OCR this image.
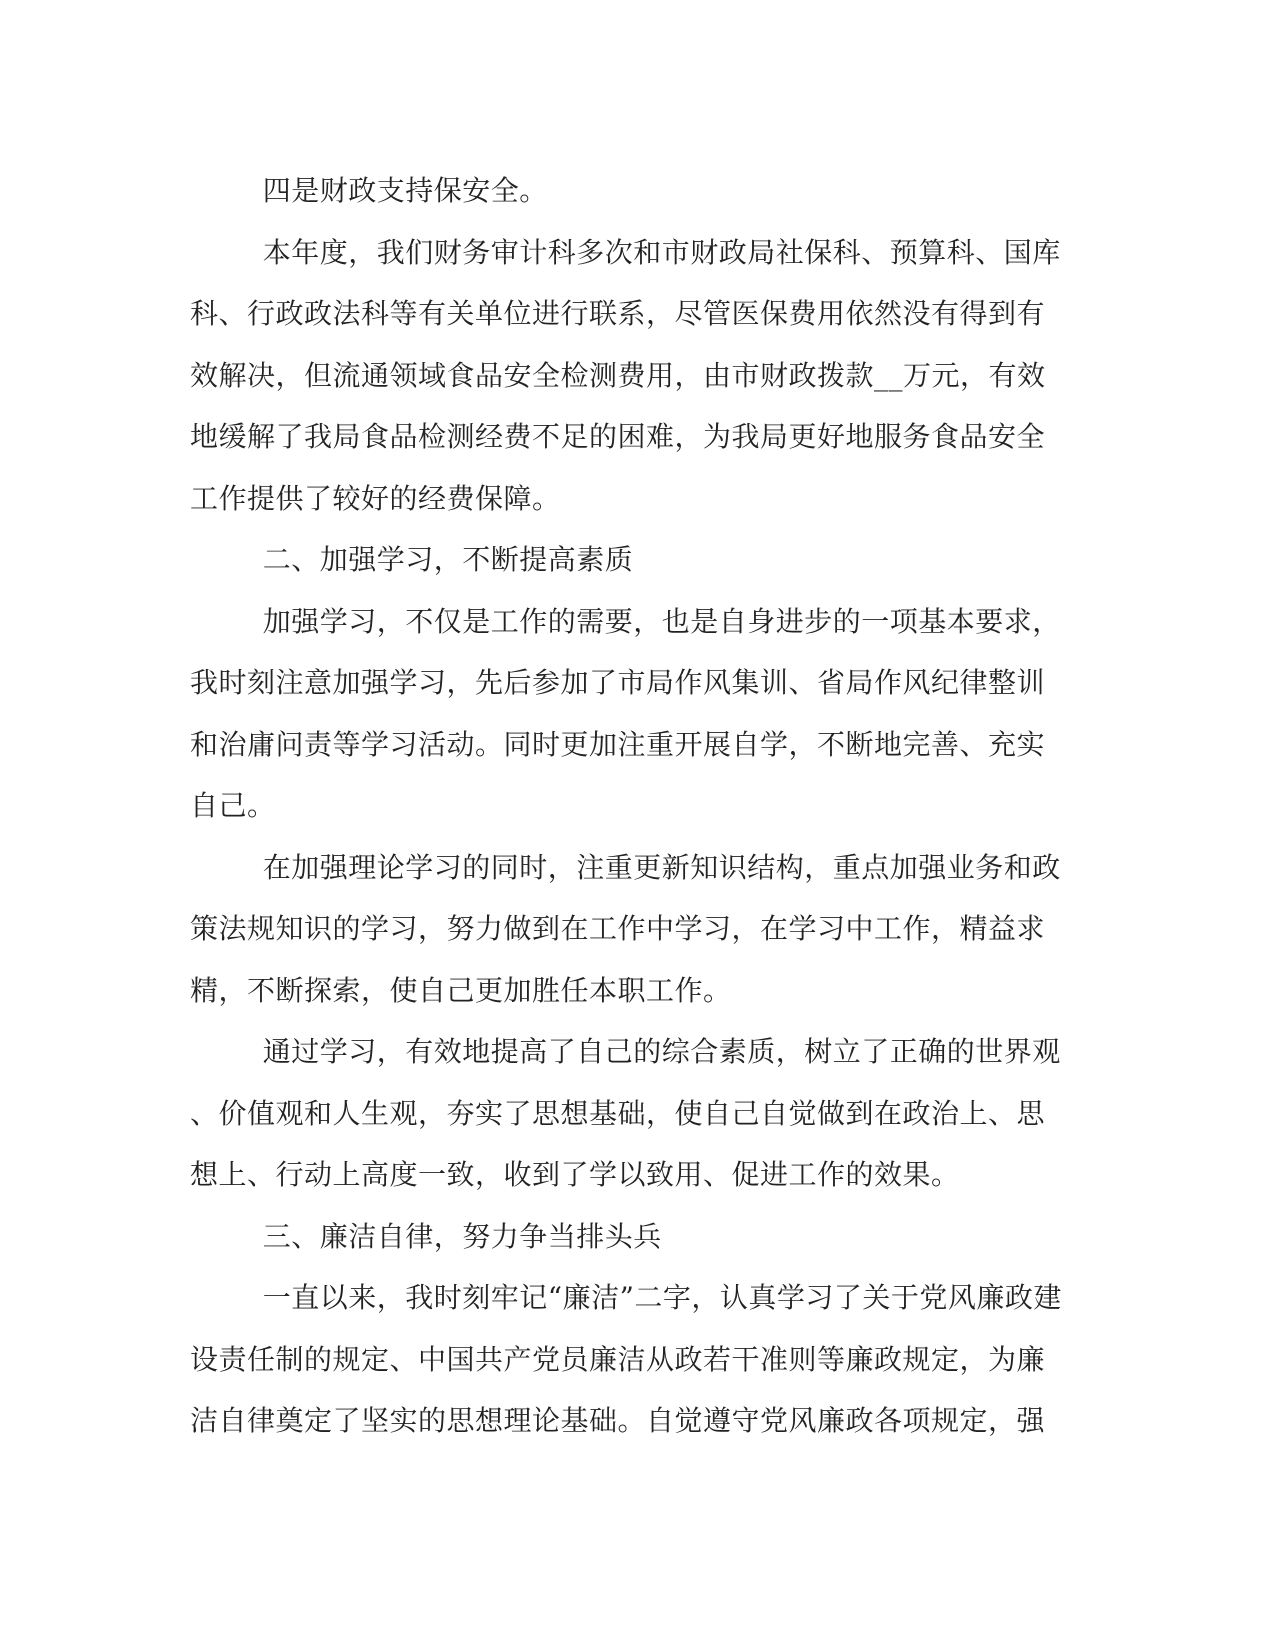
四是财政支持保安全。

本年度，我们财务审计科多次和市财政局社保科、预算科、国库
科、行政政法科等有关单位进行联系，尽管医保费用依然没有得到有
效解决，但流通领域食品安全检测费用，由市财政拨款__万元，有效
地缓解了我局食品检测经费不足的困难，为我局更好地服务食品安全
工作提供了较好的经费保障。

二、加强学习，不断提高素质

加强学习，不仅是工作的需要，也是自身进步的一项基本要求，
我时刻注意加强学习，先后参加了市局作风集训、省局作风纪律整训
和治庸问责等学习活动。同时更加注重开展自学，不断地完善、充实
自己。

在加强理论学习的同时，注重更新知识结构，重点加强业务和政
策法规知识的学习，努力做到在工作中学习，在学习中工作，精益求
精，不断探索，使自己更加胜任本职工作。

通过学习，有效地提高了自己的综合素质，树立了正确的世界观
、价值观和人生观，夯实了思想基础，使自己自觉做到在政治上、思
想上、行动上高度一致，收到了学以致用、促进工作的效果。

三、廉洁自律，努力争当排头兵

一直以来，我时刻牢记“廉洁”二字，认真学习了关于党风廉政建
设责任制的规定、中国共产党员廉洁从政若干准则等廉政规定，为廉
洁自律奠定了坚实的思想理论基础。自觉遵守党风廉政各项规定，强
